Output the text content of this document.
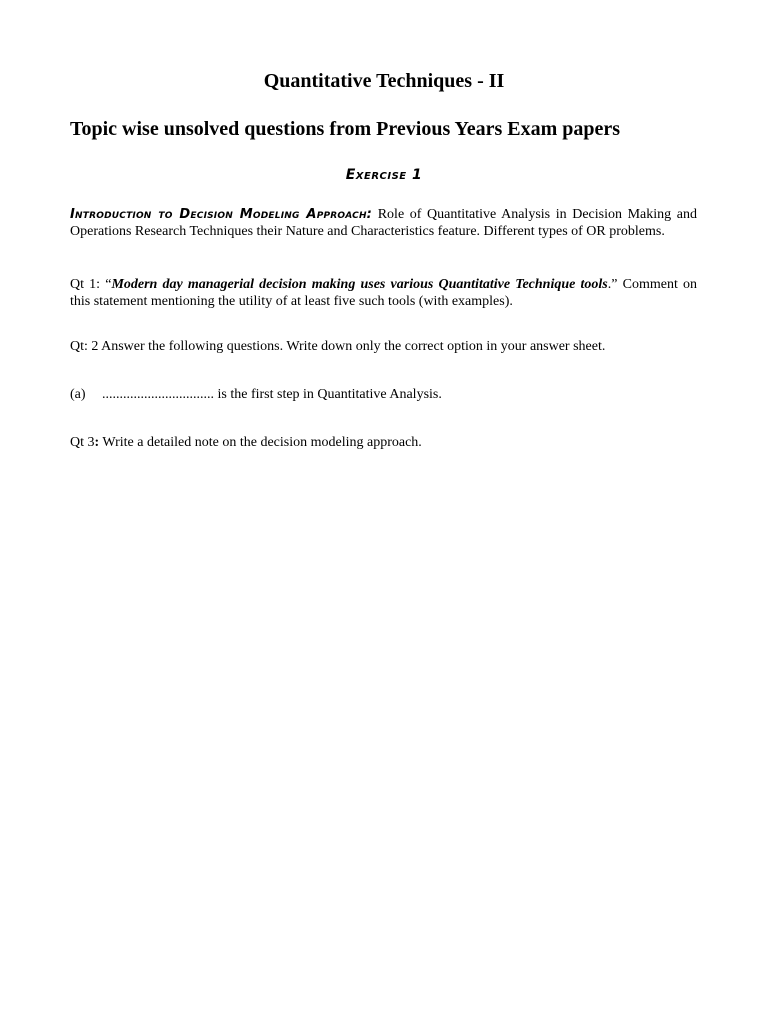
Quantitative Techniques - II
Topic wise unsolved questions from Previous Years Exam papers
Exercise 1

Introduction to Decision Modeling Approach: Role of Quantitative Analysis in Decision Making and Operations Research Techniques their Nature and Characteristics feature. Different types of OR problems.

Qt 1: “Modern day managerial decision making uses various Quantitative Technique tools.” Comment on this statement mentioning the utility of at least five such tools (with examples).

Qt: 2 Answer the following questions. Write down only the correct option in your answer sheet.

(a) ................................ is the first step in Quantitative Analysis.

Qt 3: Write a detailed note on the decision modeling approach.
